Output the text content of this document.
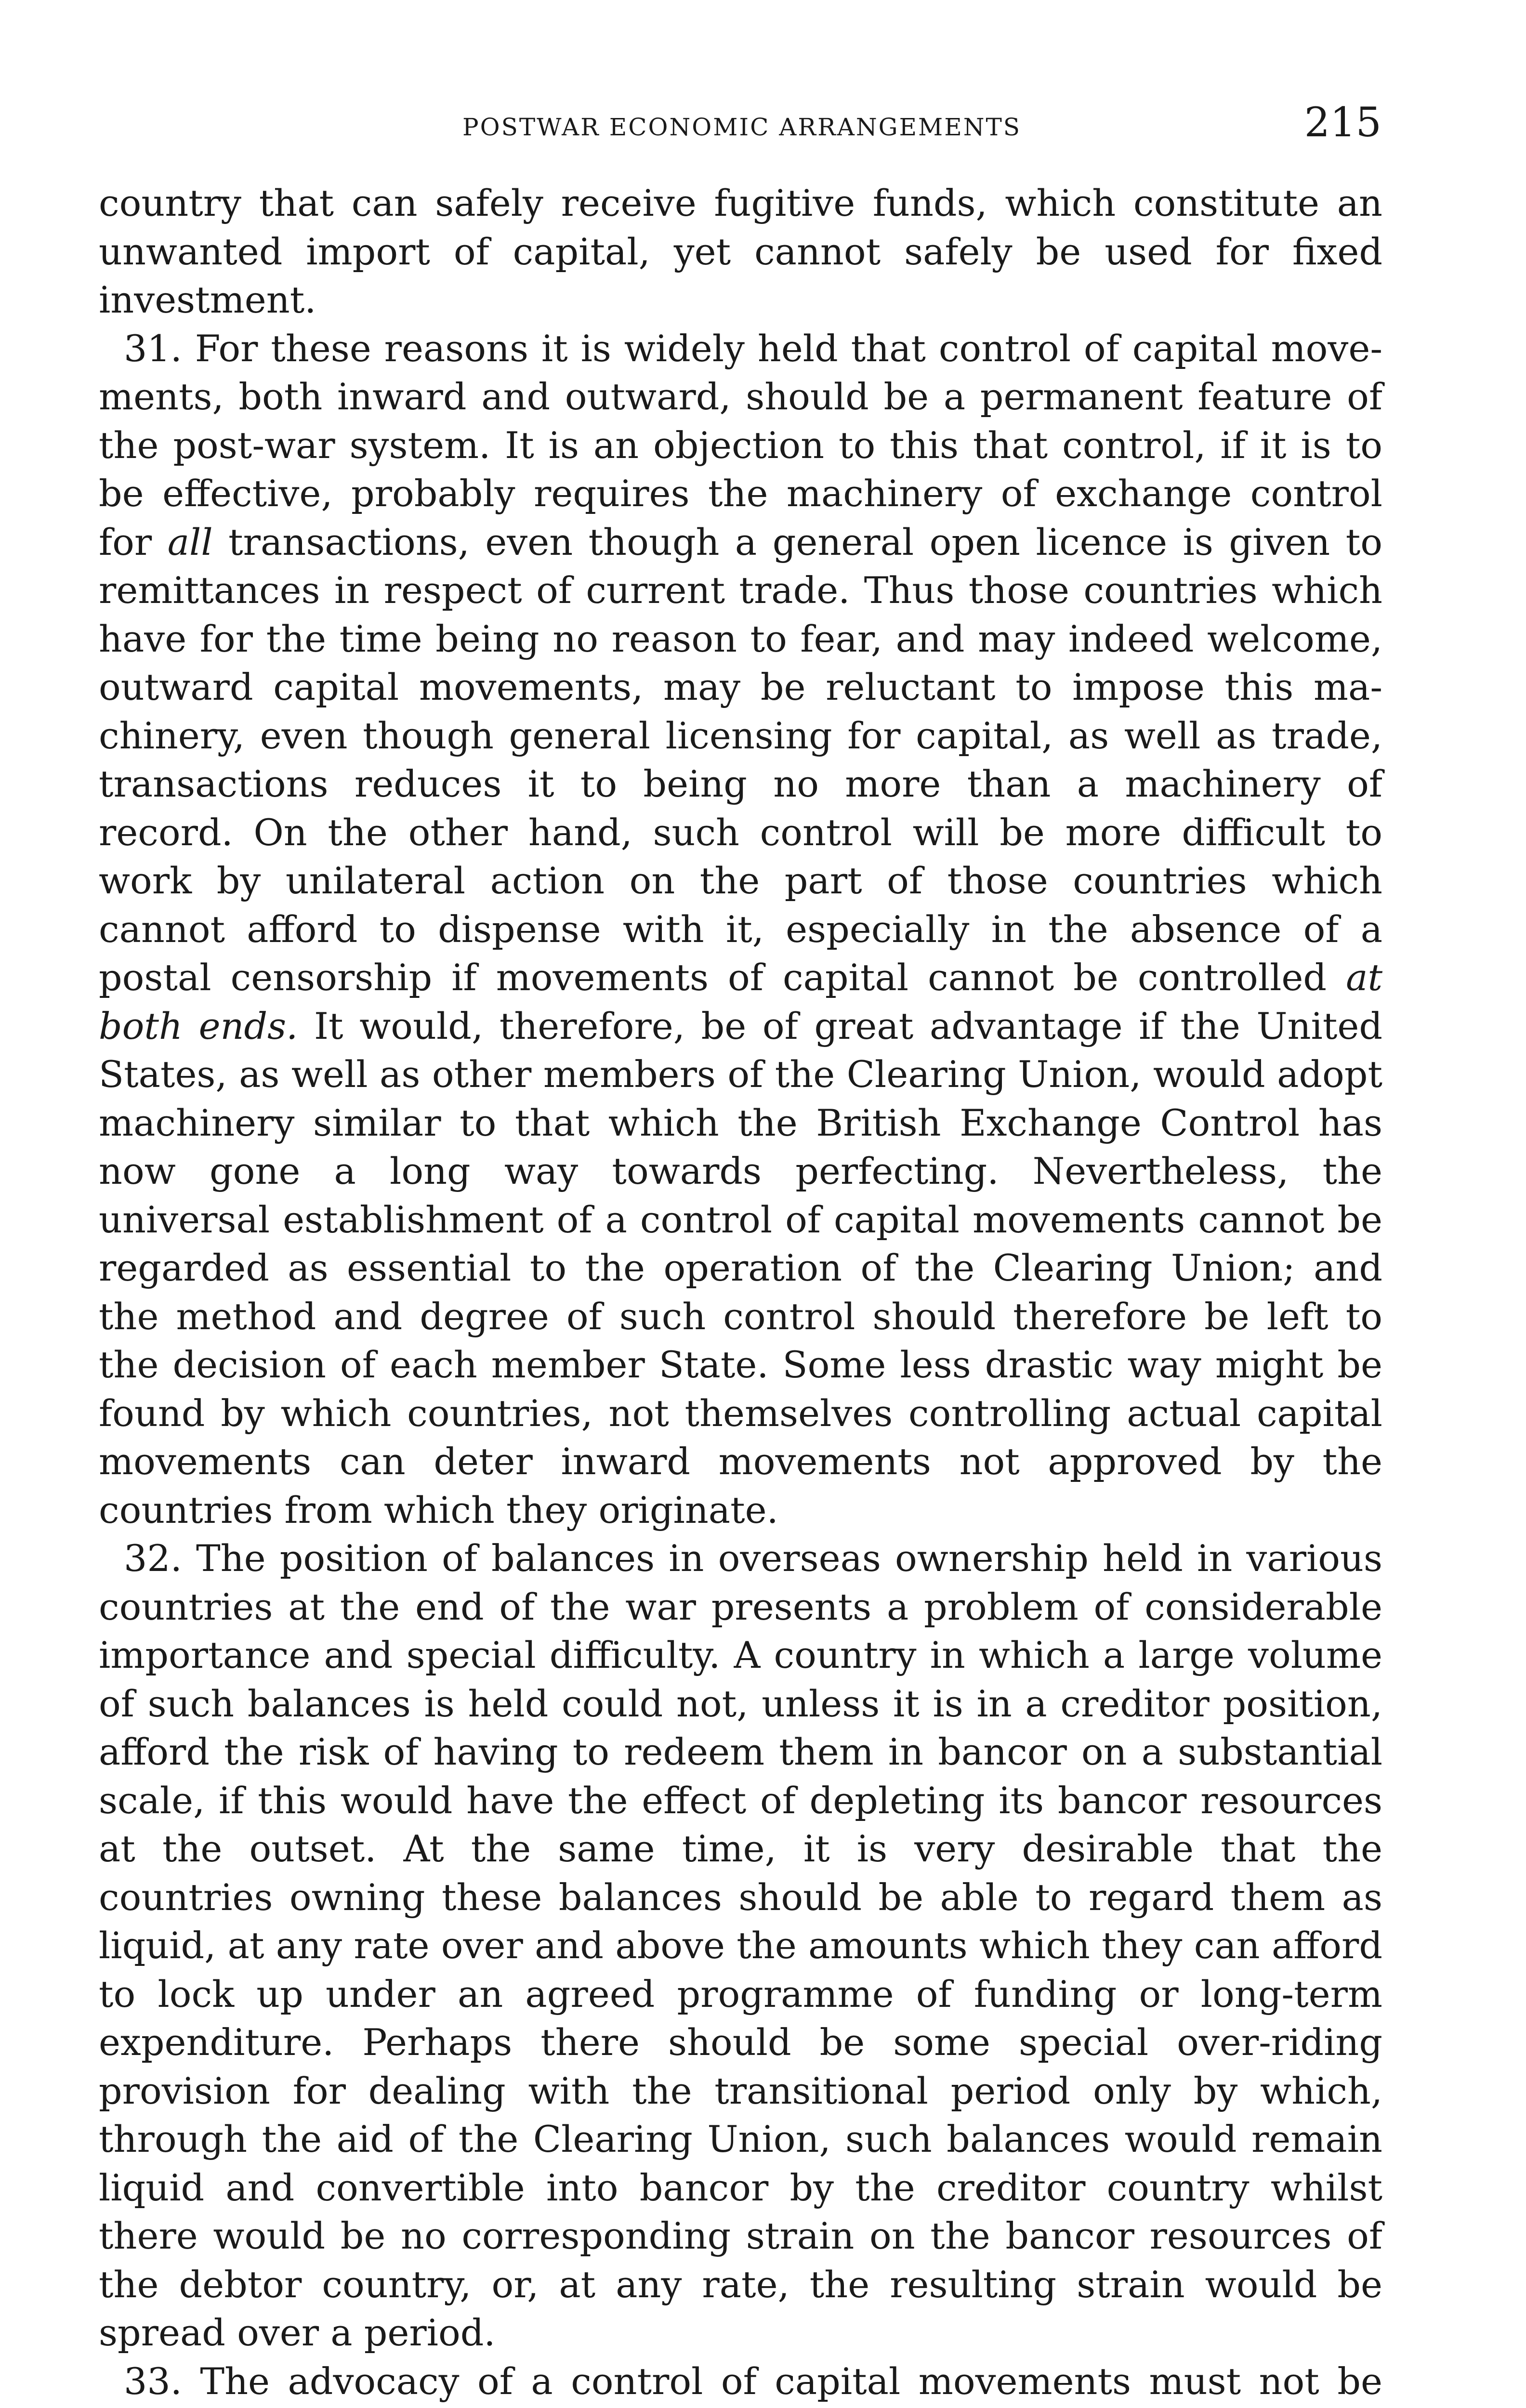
POSTWAR ECONOMIC ARRANGEMENTS	215

country that can safely receive fugitive funds, which constitute an unwanted import of capital, yet cannot safely be used for fixed investment.

31. For these reasons it is widely held that control of capital movements, both inward and outward, should be a permanent feature of the post-war system. It is an objection to this that control, if it is to be effective, probably requires the machinery of exchange control for all transactions, even though a general open licence is given to remittances in respect of current trade. Thus those countries which have for the time being no reason to fear, and may indeed welcome, outward capital movements, may be reluctant to impose this machinery, even though general licensing for capital, as well as trade, transactions reduces it to being no more than a machinery of record. On the other hand, such control will be more difficult to work by unilateral action on the part of those countries which cannot afford to dispense with it, especially in the absence of a postal censorship if movements of capital cannot be controlled at both ends. It would, therefore, be of great advantage if the United States, as well as other members of the Clearing Union, would adopt machinery similar to that which the British Exchange Control has now gone a long way towards perfecting. Nevertheless, the universal establishment of a control of capital movements cannot be regarded as essential to the operation of the Clearing Union; and the method and degree of such control should therefore be left to the decision of each member State. Some less drastic way might be found by which countries, not themselves controlling actual capital movements can deter inward movements not approved by the countries from which they originate.

32. The position of balances in overseas ownership held in various countries at the end of the war presents a problem of considerable importance and special difficulty. A country in which a large volume of such balances is held could not, unless it is in a creditor position, afford the risk of having to redeem them in bancor on a substantial scale, if this would have the effect of depleting its bancor resources at the outset. At the same time, it is very desirable that the countries owning these balances should be able to regard them as liquid, at any rate over and above the amounts which they can afford to lock up under an agreed programme of funding or long-term expenditure. Perhaps there should be some special over-riding provision for dealing with the transitional period only by which, through the aid of the Clearing Union, such balances would remain liquid and convertible into bancor by the creditor country whilst there would be no corresponding strain on the bancor resources of the debtor country, or, at any rate, the resulting strain would be spread over a period.

33. The advocacy of a control of capital movements must not be
